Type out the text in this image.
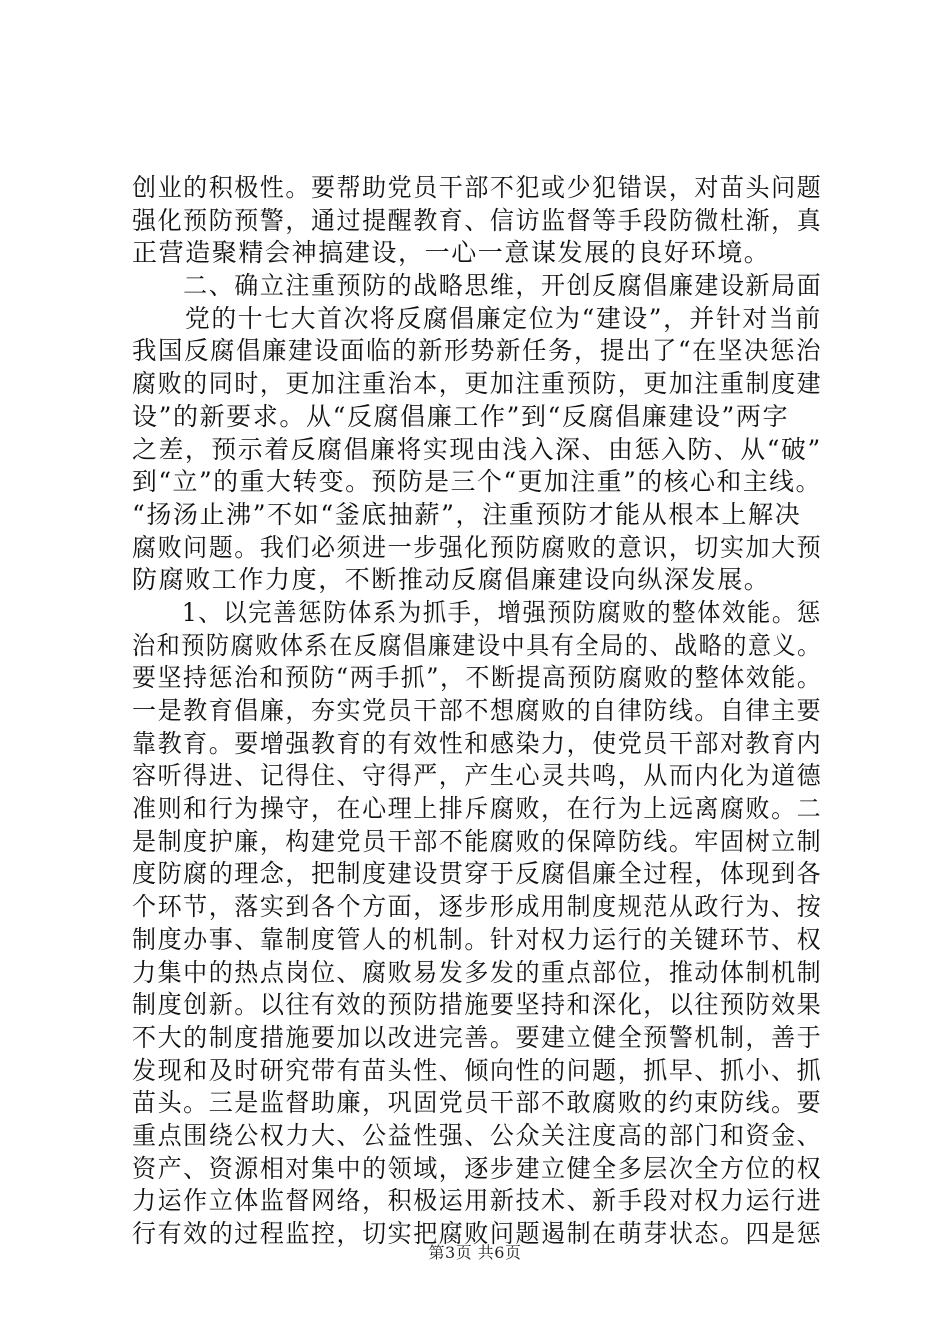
创业的积极性。要帮助党员干部不犯或少犯错误，对苗头问题
强化预防预警，通过提醒教育、信访监督等手段防微杜渐，真
正营造聚精会神搞建设，一心一意谋发展的良好环境。
　　二、确立注重预防的战略思维，开创反腐倡廉建设新局面
　　党的十七大首次将反腐倡廉定位为“建设”，并针对当前
我国反腐倡廉建设面临的新形势新任务，提出了“在坚决惩治
腐败的同时，更加注重治本，更加注重预防，更加注重制度建
设”的新要求。从“反腐倡廉工作”到“反腐倡廉建设”两字
之差，预示着反腐倡廉将实现由浅入深、由惩入防、从“破”
到“立”的重大转变。预防是三个“更加注重”的核心和主线。
“扬汤止沸”不如“釜底抽薪”，注重预防才能从根本上解决
腐败问题。我们必须进一步强化预防腐败的意识，切实加大预
防腐败工作力度，不断推动反腐倡廉建设向纵深发展。
　　1、以完善惩防体系为抓手，增强预防腐败的整体效能。惩
治和预防腐败体系在反腐倡廉建设中具有全局的、战略的意义。
要坚持惩治和预防“两手抓”，不断提高预防腐败的整体效能。
一是教育倡廉，夯实党员干部不想腐败的自律防线。自律主要
靠教育。要增强教育的有效性和感染力，使党员干部对教育内
容听得进、记得住、守得严，产生心灵共鸣，从而内化为道德
准则和行为操守，在心理上排斥腐败，在行为上远离腐败。二
是制度护廉，构建党员干部不能腐败的保障防线。牢固树立制
度防腐的理念，把制度建设贯穿于反腐倡廉全过程，体现到各
个环节，落实到各个方面，逐步形成用制度规范从政行为、按
制度办事、靠制度管人的机制。针对权力运行的关键环节、权
力集中的热点岗位、腐败易发多发的重点部位，推动体制机制
制度创新。以往有效的预防措施要坚持和深化，以往预防效果
不大的制度措施要加以改进完善。要建立健全预警机制，善于
发现和及时研究带有苗头性、倾向性的问题，抓早、抓小、抓
苗头。三是监督助廉，巩固党员干部不敢腐败的约束防线。要
重点围绕公权力大、公益性强、公众关注度高的部门和资金、
资产、资源相对集中的领域，逐步建立健全多层次全方位的权
力运作立体监督网络，积极运用新技术、新手段对权力运行进
行有效的过程监控，切实把腐败问题遏制在萌芽状态。四是惩
第3页 共6页
